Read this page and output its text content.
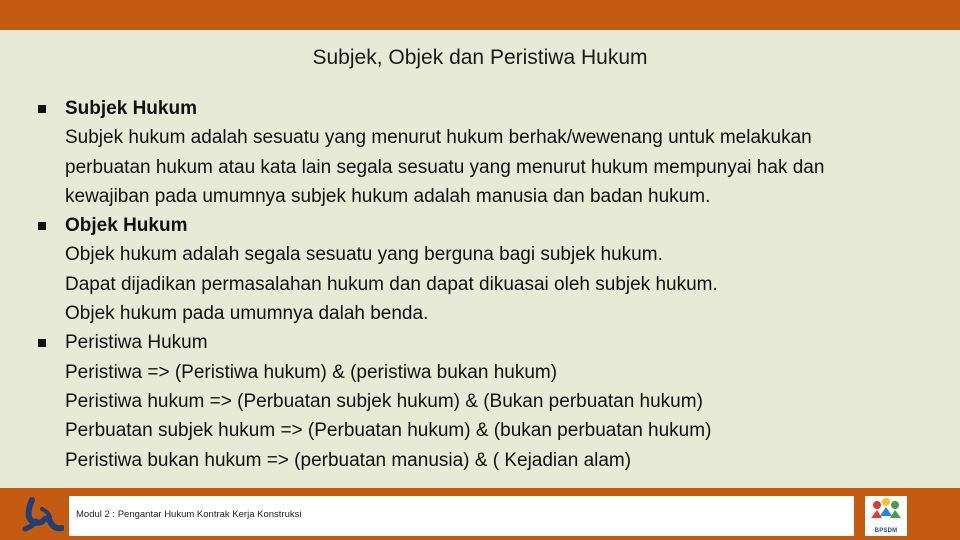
Subjek, Objek dan Peristiwa Hukum
Subjek Hukum
Subjek hukum adalah sesuatu yang menurut hukum berhak/wewenang untuk melakukan
perbuatan hukum atau kata lain segala sesuatu yang menurut hukum mempunyai hak dan
kewajiban pada umumnya subjek hukum adalah manusia dan badan hukum.
Objek Hukum
Objek hukum adalah segala sesuatu yang berguna bagi subjek hukum.
Dapat dijadikan permasalahan hukum dan dapat dikuasai oleh subjek hukum.
Objek hukum pada umumnya dalah benda.
Peristiwa Hukum
Peristiwa => (Peristiwa hukum) & (peristiwa bukan hukum)
Peristiwa hukum => (Perbuatan subjek hukum) & (Bukan perbuatan hukum)
Perbuatan subjek hukum => (Perbuatan hukum) & (bukan perbuatan hukum)
Peristiwa bukan hukum => (perbuatan manusia) & ( Kejadian alam)
Modul 2 : Pengantar Hukum Kontrak Kerja Konstruksi
BPSDM
